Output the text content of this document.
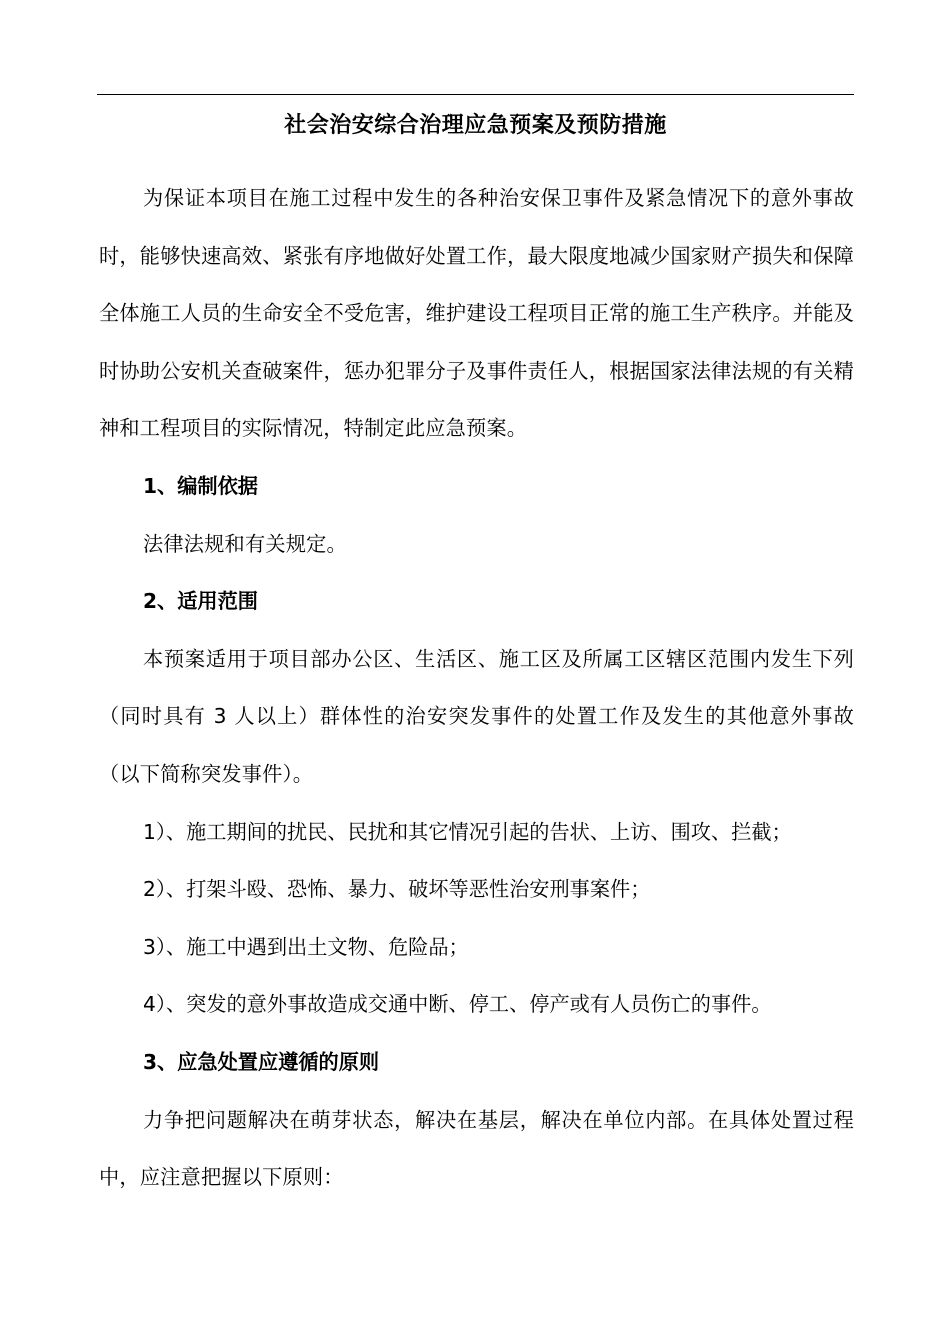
社会治安综合治理应急预案及预防措施

为保证本项目在施工过程中发生的各种治安保卫事件及紧急情况下的意外事故时，能够快速高效、紧张有序地做好处置工作，最大限度地减少国家财产损失和保障全体施工人员的生命安全不受危害，维护建设工程项目正常的施工生产秩序。并能及时协助公安机关查破案件，惩办犯罪分子及事件责任人，根据国家法律法规的有关精神和工程项目的实际情况，特制定此应急预案。

1、编制依据

法律法规和有关规定。

2、适用范围

本预案适用于项目部办公区、生活区、施工区及所属工区辖区范围内发生下列（同时具有 3 人以上）群体性的治安突发事件的处置工作及发生的其他意外事故（以下简称突发事件）。

1）、施工期间的扰民、民扰和其它情况引起的告状、上访、围攻、拦截；

2）、打架斗殴、恐怖、暴力、破坏等恶性治安刑事案件；

3）、施工中遇到出土文物、危险品；

4）、突发的意外事故造成交通中断、停工、停产或有人员伤亡的事件。

3、应急处置应遵循的原则

力争把问题解决在萌芽状态，解决在基层，解决在单位内部。在具体处置过程中，应注意把握以下原则：
